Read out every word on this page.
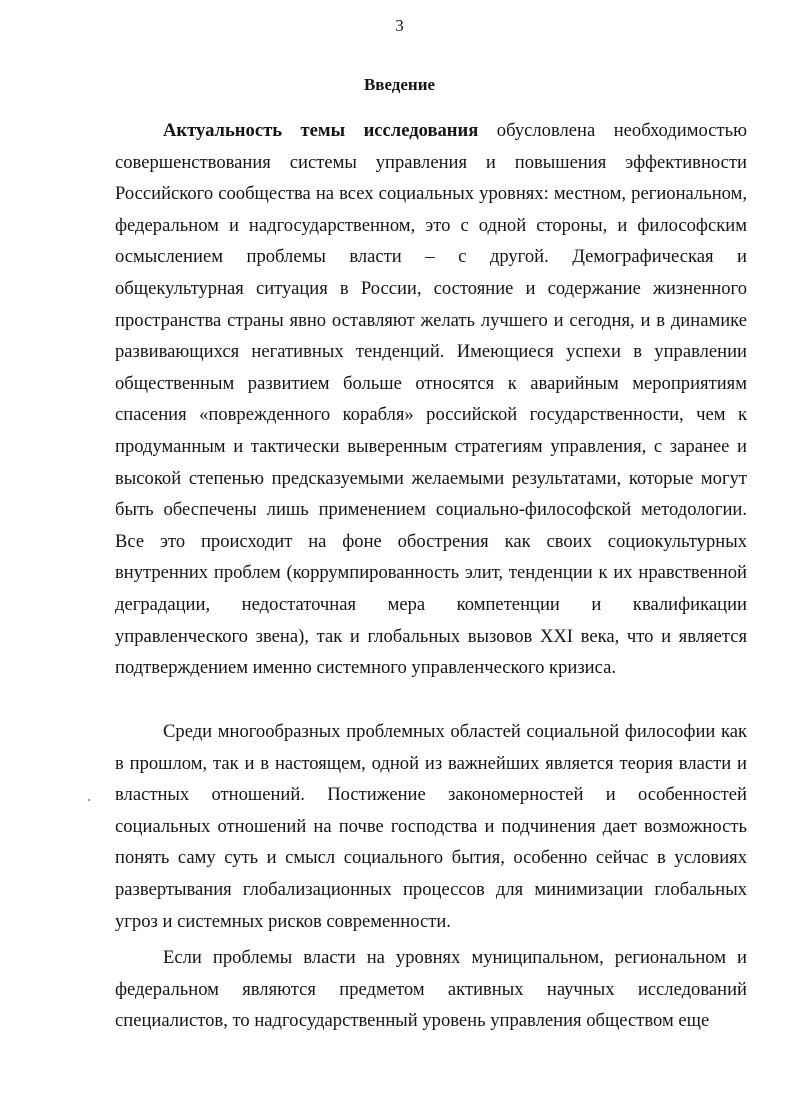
3
Введение

Актуальность темы исследования обусловлена необходимостью совершенствования системы управления и повышения эффективности Российского сообщества на всех социальных уровнях: местном, региональном, федеральном и надгосударственном, это с одной стороны, и философским осмыслением проблемы власти – с другой. Демографическая и общекультурная ситуация в России, состояние и содержание жизненного пространства страны явно оставляют желать лучшего и сегодня, и в динамике развивающихся негативных тенденций. Имеющиеся успехи в управлении общественным развитием больше относятся к аварийным мероприятиям спасения «поврежденного корабля» российской государственности, чем к продуманным и тактически выверенным стратегиям управления, с заранее и высокой степенью предсказуемыми желаемыми результатами, которые могут быть обеспечены лишь применением социально-философской методологии. Все это происходит на фоне обострения как своих социокультурных внутренних проблем (коррумпированность элит, тенденции к их нравственной деградации, недостаточная мера компетенции и квалификации управленческого звена), так и глобальных вызовов XXI века, что и является подтверждением именно системного управленческого кризиса.

Среди многообразных проблемных областей социальной философии как в прошлом, так и в настоящем, одной из важнейших является теория власти и властных отношений. Постижение закономерностей и особенностей социальных отношений на почве господства и подчинения дает возможность понять саму суть и смысл социального бытия, особенно сейчас в условиях развертывания глобализационных процессов для минимизации глобальных угроз и системных рисков современности.

Если проблемы власти на уровнях муниципальном, региональном и федеральном являются предметом активных научных исследований специалистов, то надгосударственный уровень управления обществом еще
